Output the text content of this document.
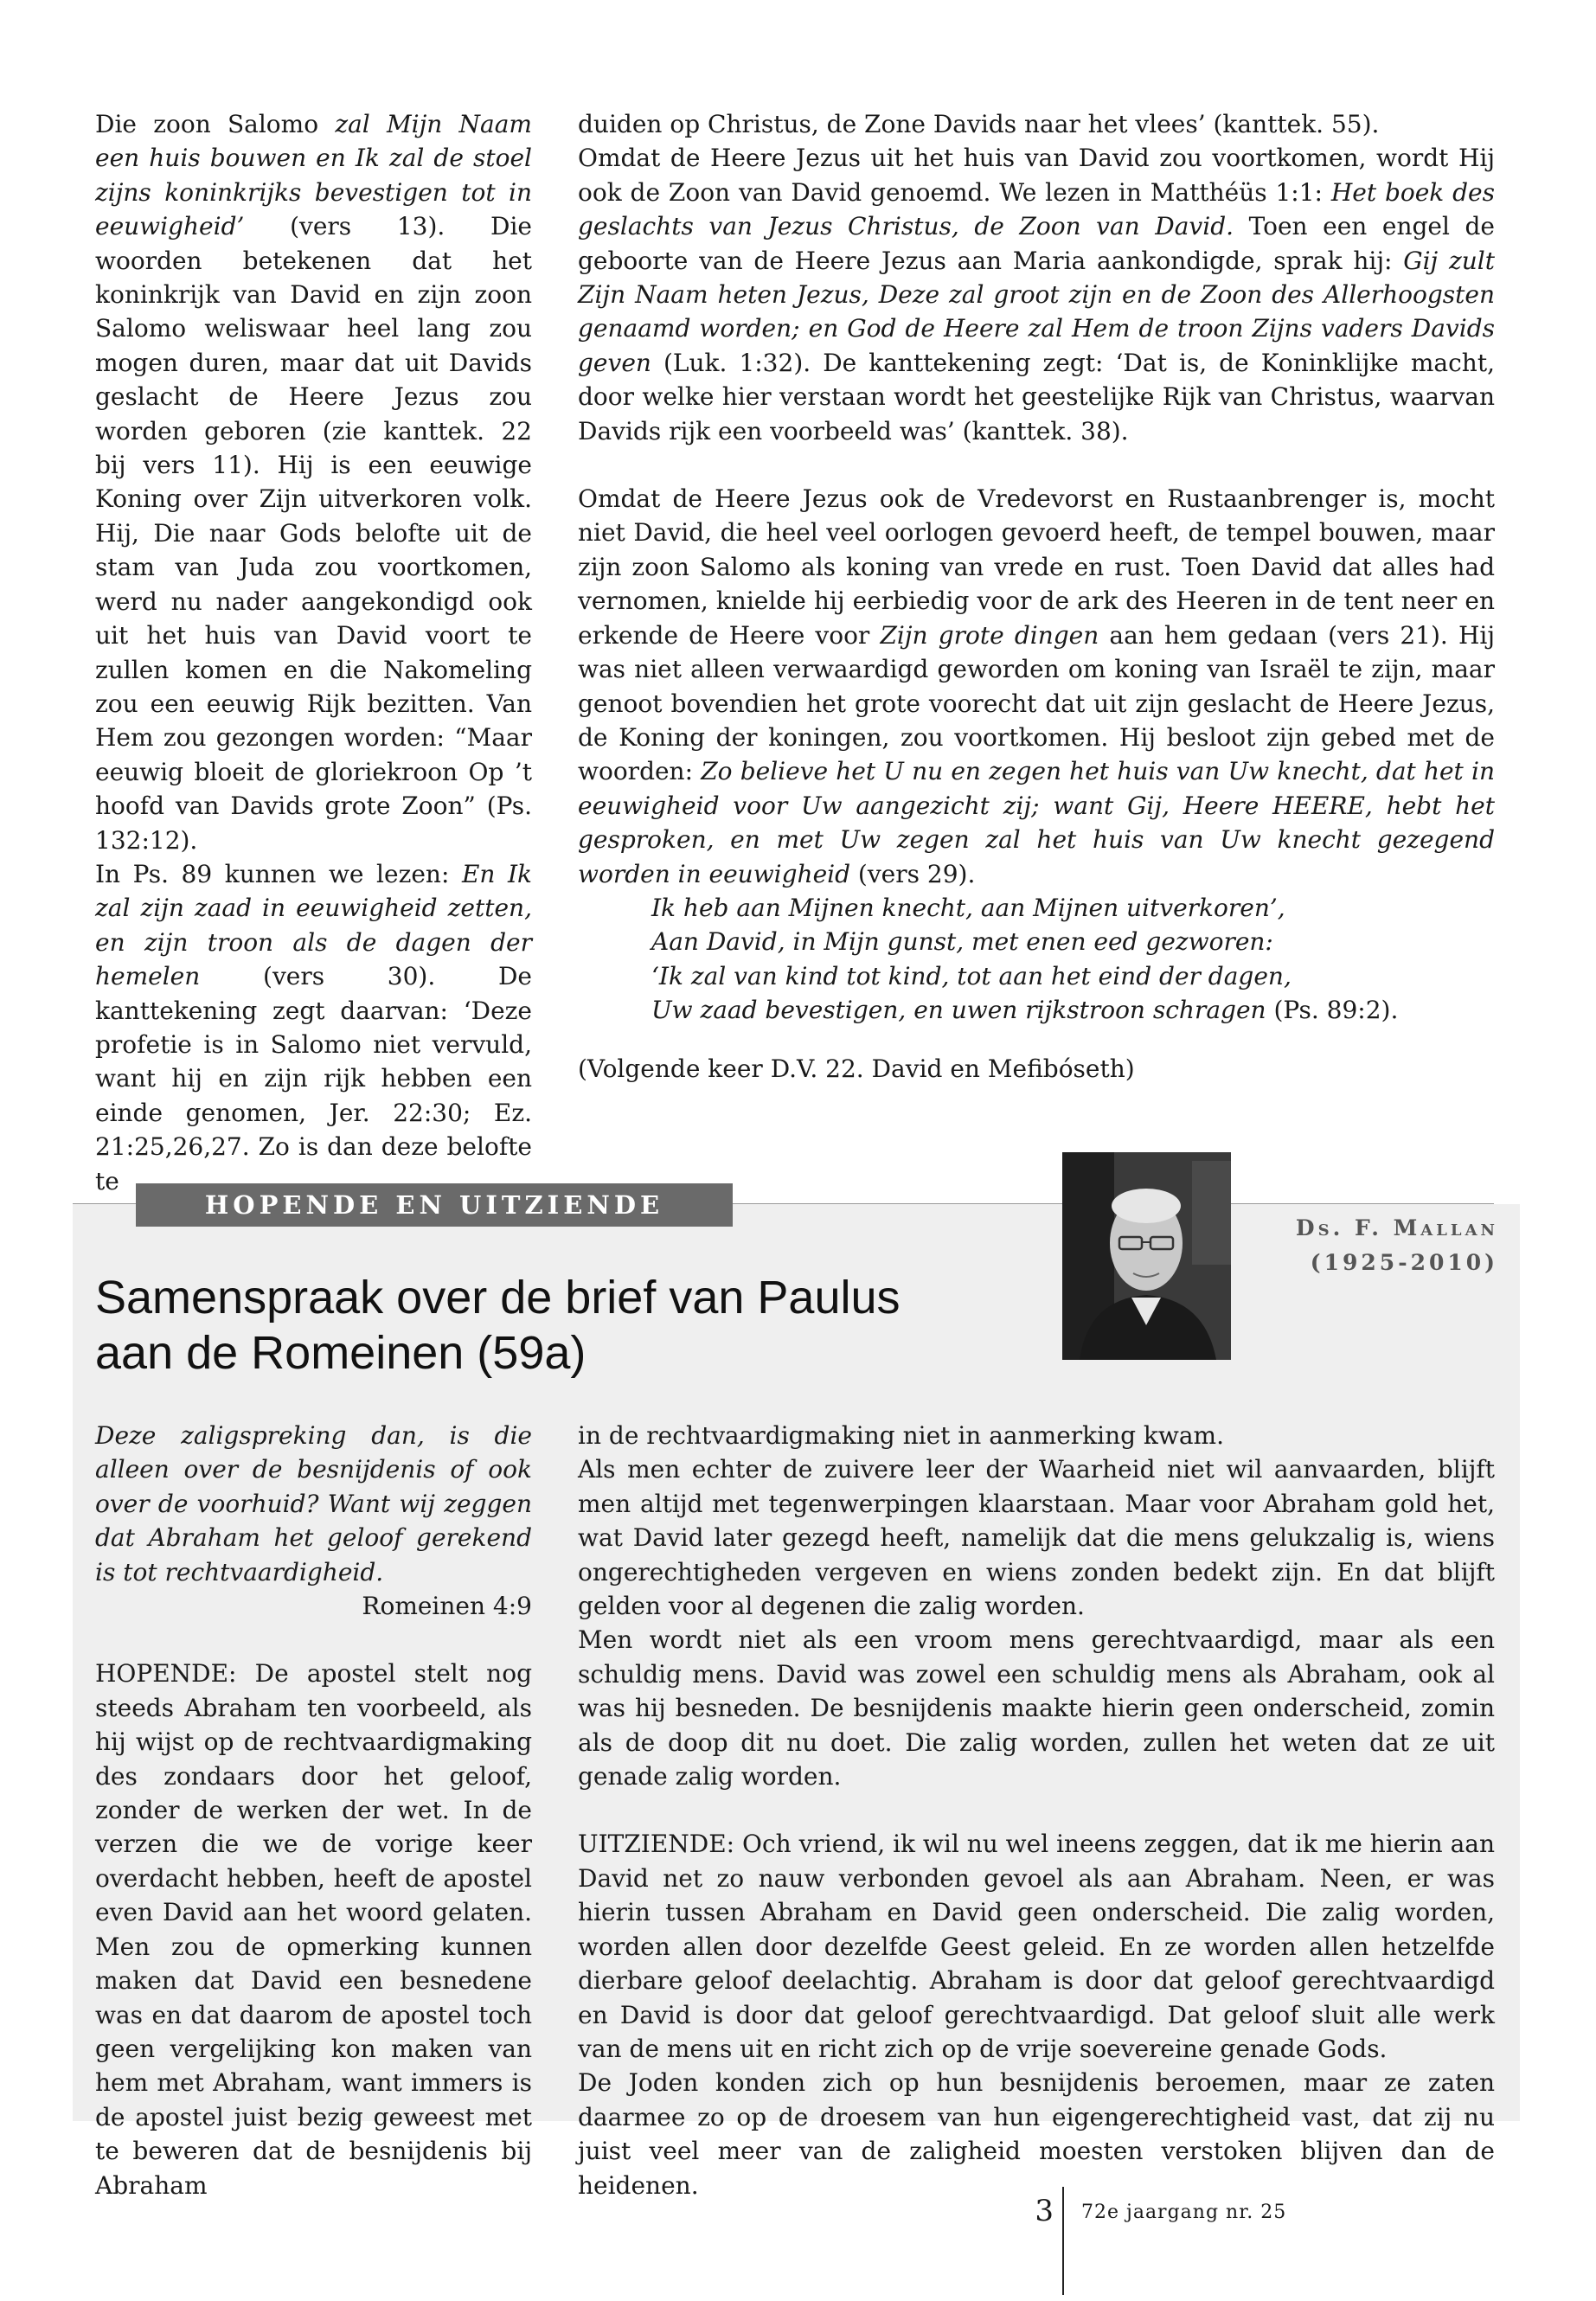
Die zoon Salomo zal Mijn Naam een huis bouwen en Ik zal de stoel zijns koninkrijks bevestigen tot in eeuwigheid’ (vers 13). Die woorden betekenen dat het koninkrijk van David en zijn zoon Salomo weliswaar heel lang zou mogen duren, maar dat uit Davids geslacht de Heere Jezus zou worden geboren (zie kanttek. 22 bij vers 11). Hij is een eeuwige Koning over Zijn uitverkoren volk. Hij, Die naar Gods belofte uit de stam van Juda zou voortkomen, werd nu nader aangekondigd ook uit het huis van David voort te zullen komen en die Nakomeling zou een eeuwig Rijk bezitten. Van Hem zou gezongen worden: “Maar eeuwig bloeit de gloriekroon Op ’t hoofd van Davids grote Zoon” (Ps. 132:12).

In Ps. 89 kunnen we lezen: En Ik zal zijn zaad in eeuwigheid zetten, en zijn troon als de dagen der hemelen (vers 30). De kanttekening zegt daarvan: ‘Deze profetie is in Salomo niet vervuld, want hij en zijn rijk hebben een einde genomen, Jer. 22:30; Ez. 21:25,26,27. Zo is dan deze belofte te

duiden op Christus, de Zone Davids naar het vlees’ (kanttek. 55).

Omdat de Heere Jezus uit het huis van David zou voortkomen, wordt Hij ook de Zoon van David genoemd. We lezen in Matthéüs 1:1: Het boek des geslachts van Jezus Christus, de Zoon van David. Toen een engel de geboorte van de Heere Jezus aan Maria aankondigde, sprak hij: Gij zult Zijn Naam heten Jezus, Deze zal groot zijn en de Zoon des Allerhoogsten genaamd worden; en God de Heere zal Hem de troon Zijns vaders Davids geven (Luk. 1:32). De kanttekening zegt: ‘Dat is, de Koninklijke macht, door welke hier verstaan wordt het geestelijke Rijk van Christus, waarvan Davids rijk een voorbeeld was’ (kanttek. 38).

Omdat de Heere Jezus ook de Vredevorst en Rustaanbrenger is, mocht niet David, die heel veel oorlogen gevoerd heeft, de tempel bouwen, maar zijn zoon Salomo als koning van vrede en rust. Toen David dat alles had vernomen, knielde hij eerbiedig voor de ark des Heeren in de tent neer en erkende de Heere voor Zijn grote dingen aan hem gedaan (vers 21). Hij was niet alleen verwaardigd geworden om koning van Israël te zijn, maar genoot bovendien het grote voorecht dat uit zijn geslacht de Heere Jezus, de Koning der koningen, zou voortkomen. Hij besloot zijn gebed met de woorden: Zo believe het U nu en zegen het huis van Uw knecht, dat het in eeuwigheid voor Uw aangezicht zij; want Gij, Heere HEERE, hebt het gesproken, en met Uw zegen zal het huis van Uw knecht gezegend worden in eeuwigheid (vers 29).

Ik heb aan Mijnen knecht, aan Mijnen uitverkoren’,

Aan David, in Mijn gunst, met enen eed gezworen:

‘Ik zal van kind tot kind, tot aan het eind der dagen,

Uw zaad bevestigen, en uwen rijkstroon schragen (Ps. 89:2).

(Volgende keer D.V. 22. David en Mefibóseth)

HOPENDE EN UITZIENDE
Samenspraak over de brief van Paulus
aan de Romeinen (59a)
Ds. F. Mallan
(1925-2010)

Deze zaligspreking dan, is die alleen over de besnijdenis of ook over de voorhuid? Want wij zeggen dat Abraham het geloof gerekend is tot rechtvaardigheid.

Romeinen 4:9

HOPENDE: De apostel stelt nog steeds Abraham ten voorbeeld, als hij wijst op de rechtvaardigmaking des zondaars door het geloof, zonder de werken der wet. In de verzen die we de vorige keer overdacht hebben, heeft de apostel even David aan het woord gelaten. Men zou de opmerking kunnen maken dat David een besnedene was en dat daarom de apostel toch geen vergelijking kon maken van hem met Abraham, want immers is de apostel juist bezig geweest met te beweren dat de besnijdenis bij Abraham

in de rechtvaardigmaking niet in aanmerking kwam.

Als men echter de zuivere leer der Waarheid niet wil aanvaarden, blijft men altijd met tegenwerpingen klaarstaan. Maar voor Abraham gold het, wat David later gezegd heeft, namelijk dat die mens gelukzalig is, wiens ongerechtigheden vergeven en wiens zonden bedekt zijn. En dat blijft gelden voor al degenen die zalig worden.

Men wordt niet als een vroom mens gerechtvaardigd, maar als een schuldig mens. David was zowel een schuldig mens als Abraham, ook al was hij besneden. De besnijdenis maakte hierin geen onderscheid, zomin als de doop dit nu doet. Die zalig worden, zullen het weten dat ze uit genade zalig worden.

UITZIENDE: Och vriend, ik wil nu wel ineens zeggen, dat ik me hierin aan David net zo nauw verbonden gevoel als aan Abraham. Neen, er was hierin tussen Abraham en David geen onderscheid. Die zalig worden, worden allen door dezelfde Geest geleid. En ze worden allen hetzelfde dierbare geloof deelachtig. Abraham is door dat geloof gerechtvaardigd en David is door dat geloof gerechtvaardigd. Dat geloof sluit alle werk van de mens uit en richt zich op de vrije soevereine genade Gods.

De Joden konden zich op hun besnijdenis beroemen, maar ze zaten daarmee zo op de droesem van hun eigengerechtigheid vast, dat zij nu juist veel meer van de zaligheid moesten verstoken blijven dan de heidenen.

3 72e jaargang nr. 25
